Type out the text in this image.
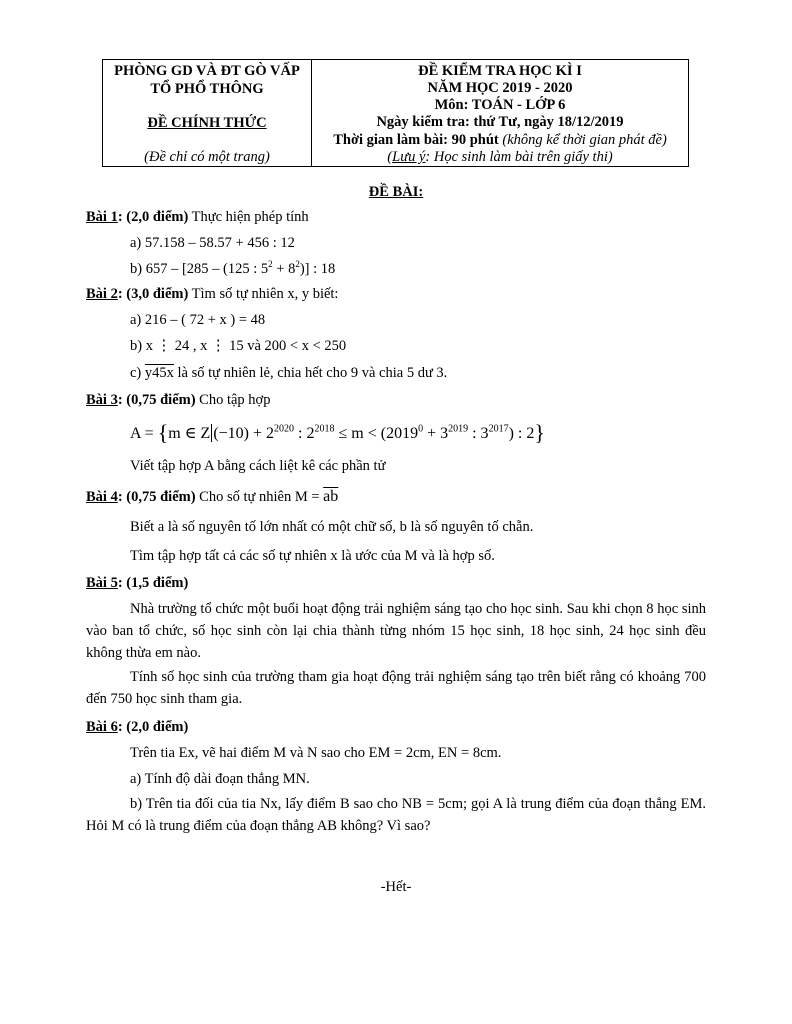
PHÒNG GD VÀ ĐT GÒ VẤP
TỔ PHỔ THÔNG
ĐỀ CHÍNH THỨC
(Đề chỉ có một trang)
ĐỀ KIỂM TRA HỌC KÌ I
NĂM HỌC 2019 - 2020
Môn: TOÁN - LỚP 6
Ngày kiểm tra: thứ Tư, ngày 18/12/2019
Thời gian làm bài: 90 phút (không kể thời gian phát đề)
(Lưu ý: Học sinh làm bài trên giấy thi)
ĐỀ BÀI:
Bài 1: (2,0 điểm) Thực hiện phép tính
a) 57.158 – 58.57 + 456 : 12
b) 657 – [285 – (125 : $5^2 + 8^2$)] : 18
Bài 2: (3,0 điểm) Tìm số tự nhiên x, y biết:
a) 216 – ( 72 + x ) = 48
b) x ⋮ 24 , x ⋮ 15 và 200 < x < 250
c) y45x là số tự nhiên lẻ, chia hết cho 9 và chia 5 dư 3.
Bài 3: (0,75 điểm) Cho tập hợp
A = {m ∈ Z $(-10) + 2^{2020}$ : $2^{2018} \le m < (2019^0 + 3^{2019}$ : $3^{2017}$) : 2}
Viết tập hợp A bằng cách liệt kê các phần tử
Bài 4: (0,75 điểm) Cho số tự nhiên $M = \overline{ab}$
Biết a là số nguyên tố lớn nhất có một chữ số, b là số nguyên tố chẵn.
Tìm tập hợp tất cả các số tự nhiên x là ước của M và là hợp số.
Bài 5: (1,5 điểm)
Nhà trường tổ chức một buổi hoạt động trải nghiệm sáng tạo cho học sinh. Sau khi chọn 8 học sinh vào ban tổ chức, số học sinh còn lại chia thành từng nhóm 15 học sinh, 18 học sinh, 24 học sinh đều không thừa em nào.
Tính số học sinh của trường tham gia hoạt động trải nghiệm sáng tạo trên biết rằng có khoảng 700 đến 750 học sinh tham gia.
Bài 6: (2,0 điểm)
Trên tia Ex, vẽ hai điểm M và N sao cho EM = 2cm, EN = 8cm.
a) Tính độ dài đoạn thẳng MN.
b) Trên tia đối của tia Nx, lấy điểm B sao cho NB = 5cm; gọi A là trung điểm của đoạn thẳng EM. Hỏi M có là trung điểm của đoạn thẳng AB không? Vì sao?
-Hết-
